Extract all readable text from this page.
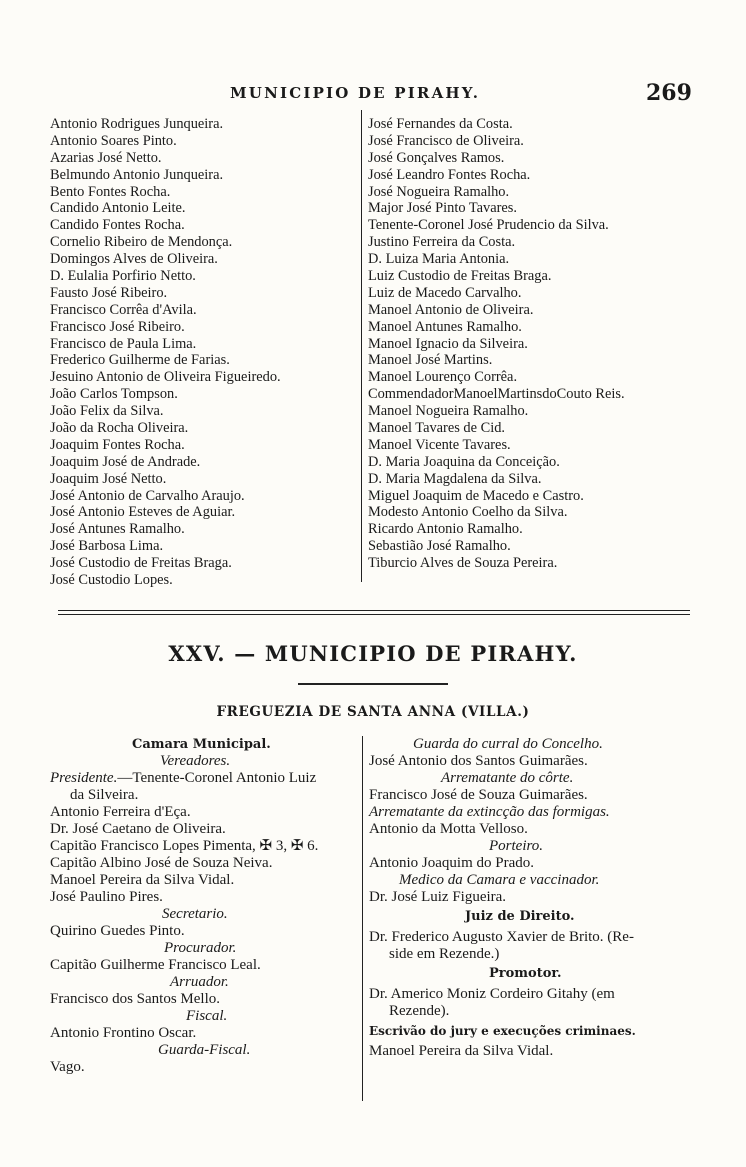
MUNICIPIO DE PIRAHY.	269
Antonio Rodrigues Junqueira.
Antonio Soares Pinto.
Azarias José Netto.
Belmundo Antonio Junqueira.
Bento Fontes Rocha.
Candido Antonio Leite.
Candido Fontes Rocha.
Cornelio Ribeiro de Mendonça.
Domingos Alves de Oliveira.
D. Eulalia Porfirio Netto.
Fausto José Ribeiro.
Francisco Corrêa d'Avila.
Francisco José Ribeiro.
Francisco de Paula Lima.
Frederico Guilherme de Farias.
Jesuino Antonio de Oliveira Figueiredo.
João Carlos Tompson.
João Felix da Silva.
João da Rocha Oliveira.
Joaquim Fontes Rocha.
Joaquim José de Andrade.
Joaquim José Netto.
José Antonio de Carvalho Araujo.
José Antonio Esteves de Aguiar.
José Antunes Ramalho.
José Barbosa Lima.
José Custodio de Freitas Braga.
José Custodio Lopes.
José Fernandes da Costa.
José Francisco de Oliveira.
José Gonçalves Ramos.
José Leandro Fontes Rocha.
José Nogueira Ramalho.
Major José Pinto Tavares.
Tenente-Coronel José Prudencio da Silva.
Justino Ferreira da Costa.
D. Luiza Maria Antonia.
Luiz Custodio de Freitas Braga.
Luiz de Macedo Carvalho.
Manoel Antonio de Oliveira.
Manoel Antunes Ramalho.
Manoel Ignacio da Silveira.
Manoel José Martins.
Manoel Lourenço Corrêa.
CommendadorManoelMartinsdoCouto Reis.
Manoel Nogueira Ramalho.
Manoel Tavares de Cid.
Manoel Vicente Tavares.
D. Maria Joaquina da Conceição.
D. Maria Magdalena da Silva.
Miguel Joaquim de Macedo e Castro.
Modesto Antonio Coelho da Silva.
Ricardo Antonio Ramalho.
Sebastião José Ramalho.
Tiburcio Alves de Souza Pereira.
XXV. — MUNICIPIO DE PIRAHY.
FREGUEZIA DE SANTA ANNA (VILLA.)
Camara Municipal.
Vereadores.
Presidente.—Tenente-Coronel Antonio Luiz
da Silveira.
Antonio Ferreira d'Eça.
Dr. José Caetano de Oliveira.
Capitão Francisco Lopes Pimenta, ✠ 3, ✠ 6.
Capitão Albino José de Souza Neiva.
Manoel Pereira da Silva Vidal.
José Paulino Pires.
Secretario.
Quirino Guedes Pinto.
Procurador.
Capitão Guilherme Francisco Leal.
Arruador.
Francisco dos Santos Mello.
Fiscal.
Antonio Frontino Oscar.
Guarda-Fiscal.
Vago.
Guarda do curral do Concelho.
José Antonio dos Santos Guimarães.
Arrematante do côrte.
Francisco José de Souza Guimarães.
Arrematante da extincção das formigas.
Antonio da Motta Velloso.
Porteiro.
Antonio Joaquim do Prado.
Medico da Camara e vaccinador.
Dr. José Luiz Figueira.
Juiz de Direito.
Dr. Frederico Augusto Xavier de Brito. (Re-
side em Rezende.)
Promotor.
Dr. Americo Moniz Cordeiro Gitahy (em
Rezende).
Escrivão do jury e execuções criminaes.
Manoel Pereira da Silva Vidal.
